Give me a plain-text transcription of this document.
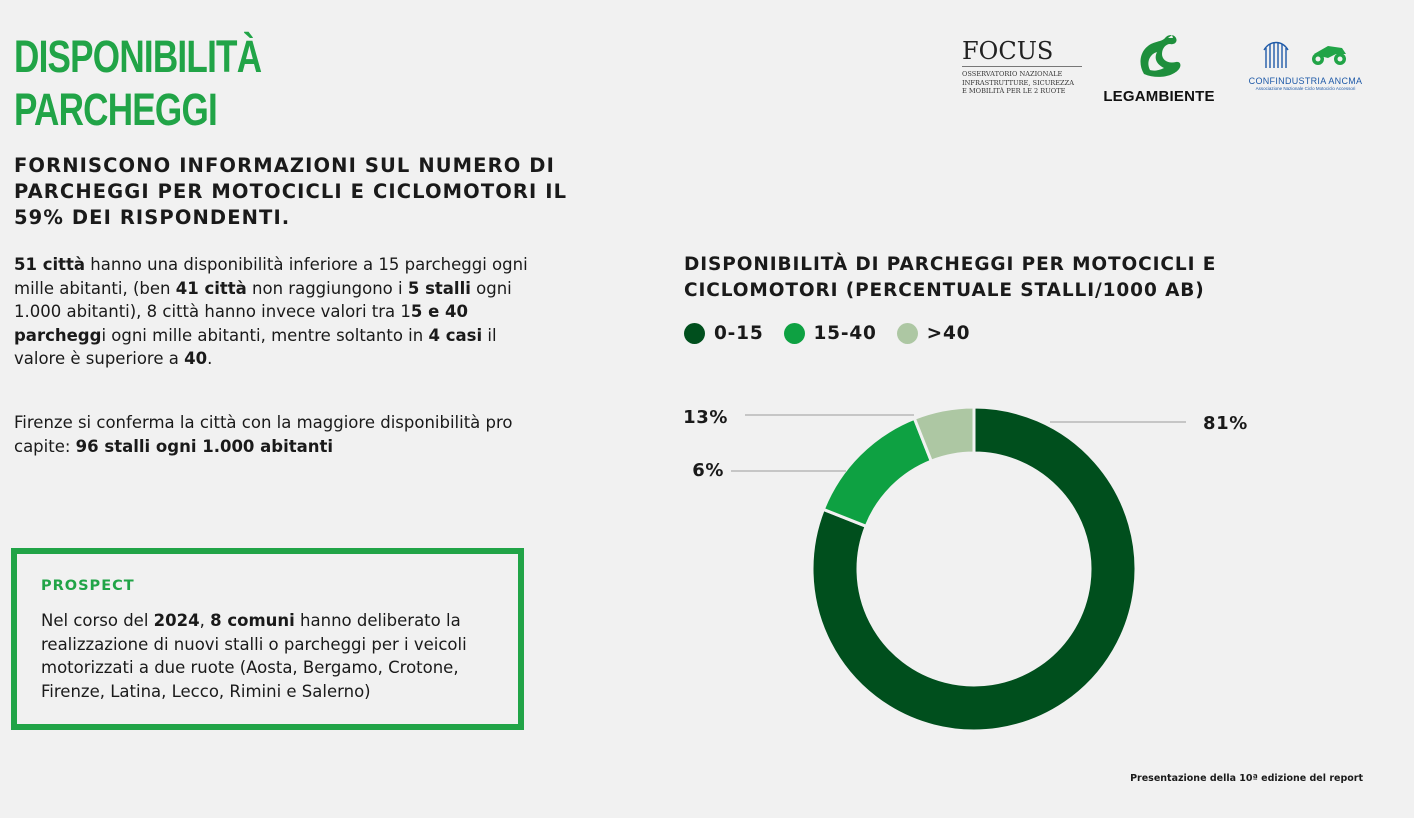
DISPONIBILITÀ
PARCHEGGI
FOCUS
OSSERVATORIO NAZIONALE
INFRASTRUTTURE, SICUREZZA
E MOBILITÀ PER LE 2 RUOTE	LEGAMBIENTE
CONFINDUSTRIA ANCMA
Associazione Nazionale Ciclo Motociclo Accessori

FORNISCONO INFORMAZIONI SUL NUMERO DI PARCHEGGI PER MOTOCICLI E CICLOMOTORI IL 59% DEI RISPONDENTI.

51 città hanno una disponibilità inferiore a 15 parcheggi ogni mille abitanti, (ben 41 città non raggiungono i 5 stalli ogni 1.000 abitanti), 8 città hanno invece valori tra 15 e 40 parcheggi ogni mille abitanti, mentre soltanto in 4 casi il valore è superiore a 40.

Firenze si conferma la città con la maggiore disponibilità pro capite: 96 stalli ogni 1.000 abitanti

PROSPECT
Nel corso del 2024, 8 comuni hanno deliberato la realizzazione di nuovi stalli o parcheggi per i veicoli motorizzati a due ruote (Aosta, Bergamo, Crotone, Firenze, Latina, Lecco, Rimini e Salerno)
DISPONIBILITÀ DI PARCHEGGI PER MOTOCICLI E CICLOMOTORI (PERCENTUALE STALLI/1000 AB)
0-15	15-40	>40
81%
13%
6%
Presentazione della 10ª edizione del report
